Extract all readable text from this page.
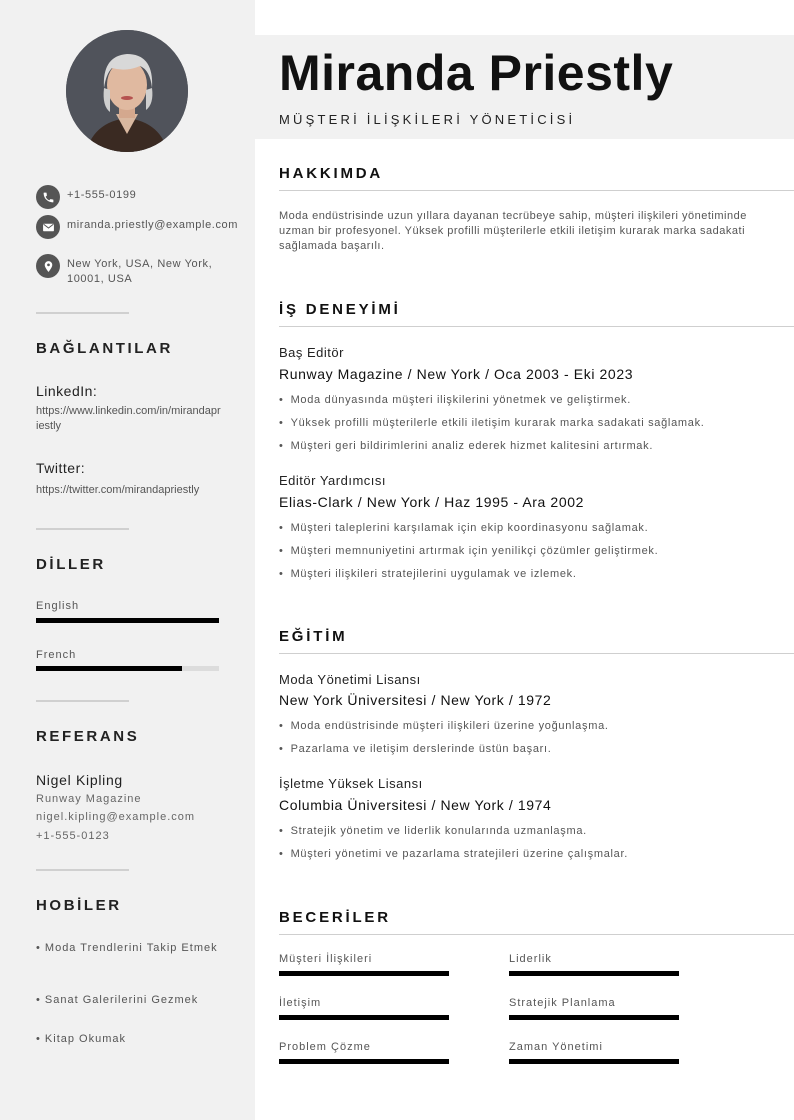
+1-555-0199
miranda.priestly@example.com
New York, USA, New York, 10001, USA
BAĞLANTILAR
LinkedIn:
https://www.linkedin.com/in/mirandapriestly
Twitter:
https://twitter.com/mirandapriestly
DİLLER
English
French
REFERANS
Nigel Kipling
Runway Magazine
nigel.kipling@example.com
+1-555-0123
HOBİLER
• Moda Trendlerini Takip Etmek
• Sanat Galerilerini Gezmek
• Kitap Okumak
Miranda Priestly
MÜŞTERİ İLİŞKİLERİ YÖNETİCİSİ
HAKKIMDA
Moda endüstrisinde uzun yıllara dayanan tecrübeye sahip, müşteri ilişkileri yönetiminde uzman bir profesyonel. Yüksek profilli müşterilerle etkili iletişim kurarak marka sadakati sağlamada başarılı.
İŞ DENEYİMİ
Baş Editör
Runway Magazine / New York / Oca 2003 - Eki 2023
• Moda dünyasında müşteri ilişkilerini yönetmek ve geliştirmek.
• Yüksek profilli müşterilerle etkili iletişim kurarak marka sadakati sağlamak.
• Müşteri geri bildirimlerini analiz ederek hizmet kalitesini artırmak.
Editör Yardımcısı
Elias-Clark / New York / Haz 1995 - Ara 2002
• Müşteri taleplerini karşılamak için ekip koordinasyonu sağlamak.
• Müşteri memnuniyetini artırmak için yenilikçi çözümler geliştirmek.
• Müşteri ilişkileri stratejilerini uygulamak ve izlemek.
EĞİTİM
Moda Yönetimi Lisansı
New York Üniversitesi / New York / 1972
• Moda endüstrisinde müşteri ilişkileri üzerine yoğunlaşma.
• Pazarlama ve iletişim derslerinde üstün başarı.
İşletme Yüksek Lisansı
Columbia Üniversitesi / New York / 1974
• Stratejik yönetim ve liderlik konularında uzmanlaşma.
• Müşteri yönetimi ve pazarlama stratejileri üzerine çalışmalar.
BECERİLER
Müşteri İlişkileri	Liderlik
İletişim	Stratejik Planlama
Problem Çözme	Zaman Yönetimi
